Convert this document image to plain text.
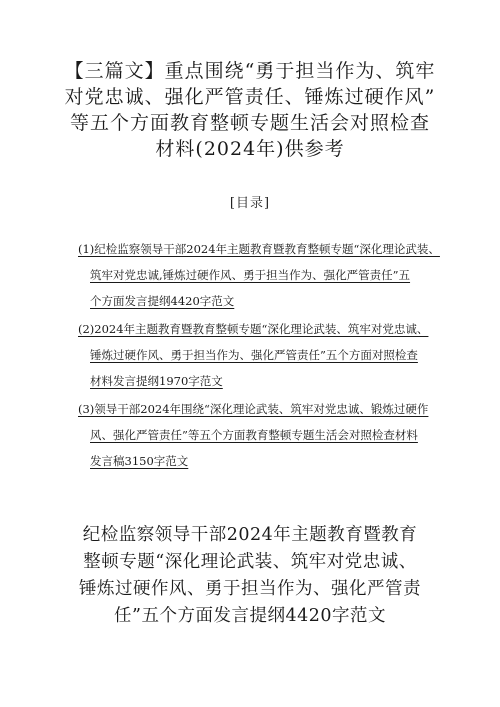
【三篇文】重点围绕“勇于担当作为、筑牢
对党忠诚、强化严管责任、锤炼过硬作风”
等五个方面教育整顿专题生活会对照检查
材料(2024年)供参考
[目录]
(1)纪检监察领导干部2024年主题教育暨教育整顿专题“深化理论武装、
筑牢对党忠诚,锤炼过硬作风、勇于担当作为、强化严管责任”五
个方面发言提纲4420字范文
(2)2024年主题教育暨教育整顿专题“深化理论武装、筑牢对党忠诚、
锤炼过硬作风、勇于担当作为、强化严管责任”五个方面对照检查
材料发言提纲1970字范文
(3)领导干部2024年围绕“深化理论武装、筑牢对党忠诚、锻炼过硬作
风、强化严管责任”等五个方面教育整顿专题生活会对照检查材料
发言稿3150字范文
纪检监察领导干部2024年主题教育暨教育
整顿专题“深化理论武装、筑牢对党忠诚、
锤炼过硬作风、勇于担当作为、强化严管责
任”五个方面发言提纲4420字范文
